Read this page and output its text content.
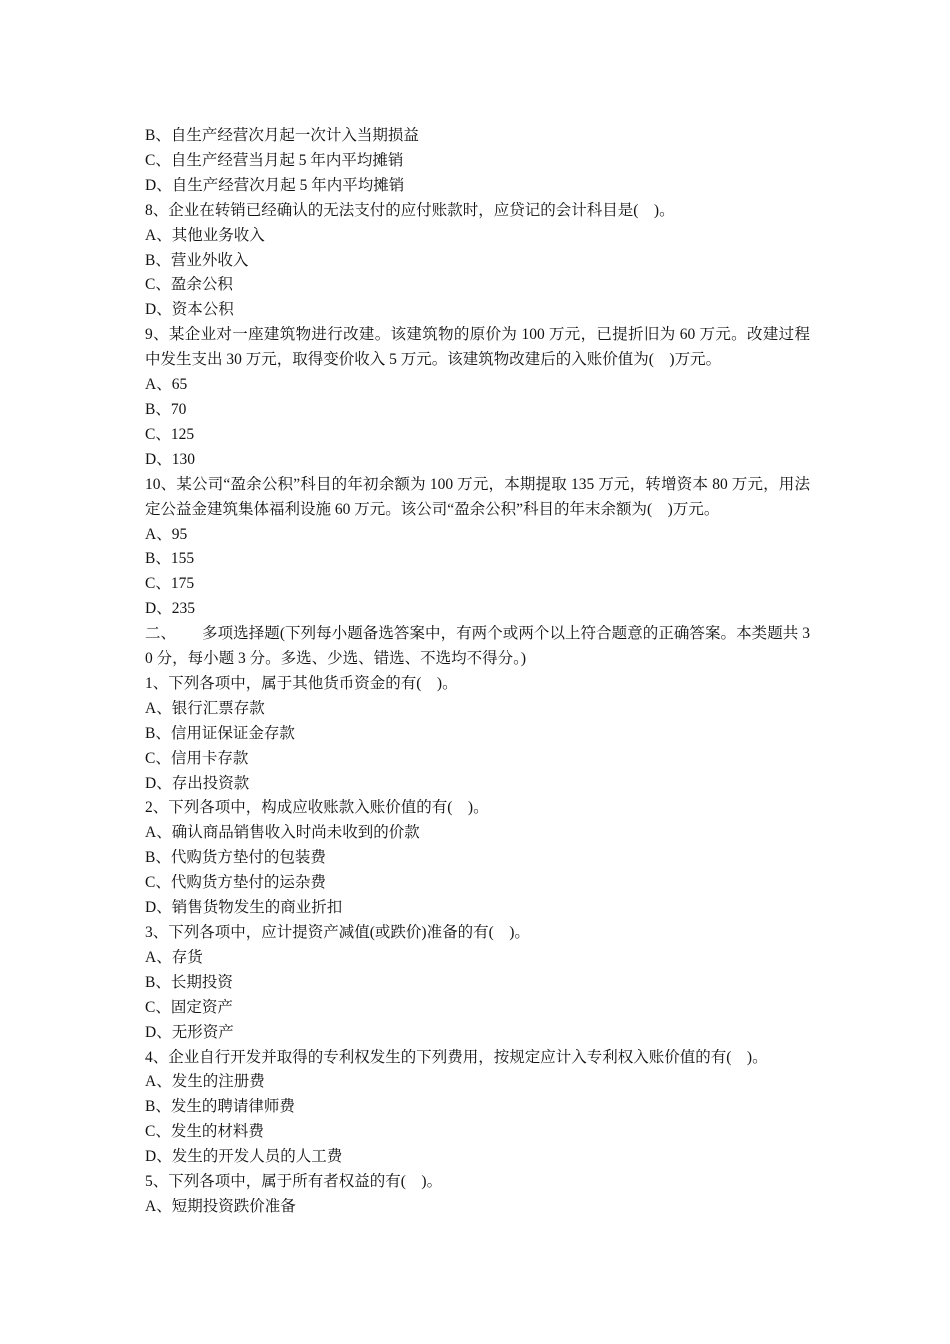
B、自生产经营次月起一次计入当期损益

C、自生产经营当月起 5 年内平均摊销

D、自生产经营次月起 5 年内平均摊销

8、企业在转销已经确认的无法支付的应付账款时，应贷记的会计科目是(　)。

A、其他业务收入

B、营业外收入

C、盈余公积

D、资本公积

9、某企业对一座建筑物进行改建。该建筑物的原价为 100 万元，已提折旧为 60 万元。改建过程中发生支出 30 万元，取得变价收入 5 万元。该建筑物改建后的入账价值为(　)万元。

A、65

B、70

C、125

D、130

10、某公司“盈余公积”科目的年初余额为 100 万元，本期提取 135 万元，转增资本 80 万元，用法定公益金建筑集体福利设施 60 万元。该公司“盈余公积”科目的年末余额为(　)万元。

A、95

B、155

C、175

D、235

二、 多项选择题(下列每小题备选答案中，有两个或两个以上符合题意的正确答案。本类题共 30 分，每小题 3 分。多选、少选、错选、不选均不得分。)

1、下列各项中，属于其他货币资金的有(　)。

A、银行汇票存款

B、信用证保证金存款

C、信用卡存款

D、存出投资款

2、下列各项中，构成应收账款入账价值的有(　)。

A、确认商品销售收入时尚未收到的价款

B、代购货方垫付的包装费

C、代购货方垫付的运杂费

D、销售货物发生的商业折扣

3、下列各项中，应计提资产减值(或跌价)准备的有(　)。

A、存货

B、长期投资

C、固定资产

D、无形资产

4、企业自行开发并取得的专利权发生的下列费用，按规定应计入专利权入账价值的有(　)。

A、发生的注册费

B、发生的聘请律师费

C、发生的材料费

D、发生的开发人员的人工费

5、下列各项中，属于所有者权益的有(　)。

A、短期投资跌价准备
